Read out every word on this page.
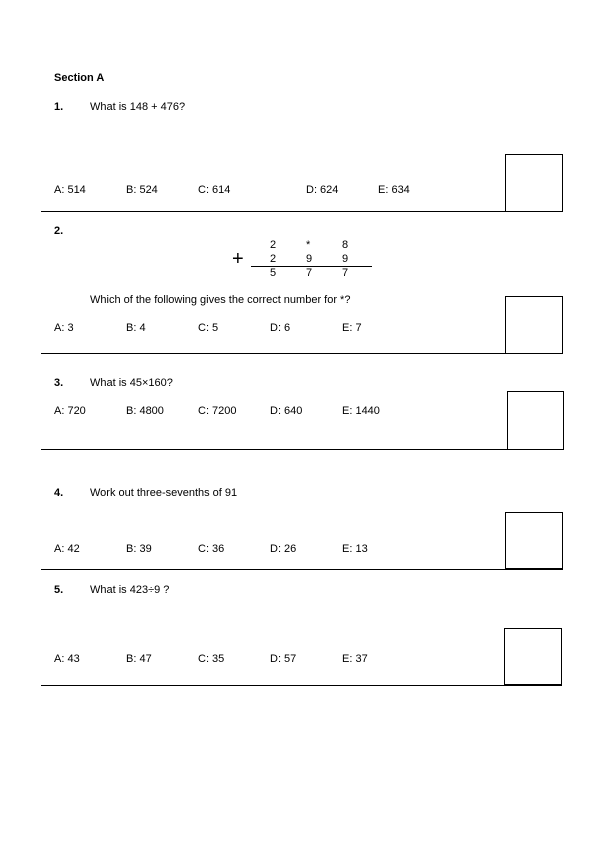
Section A
1. What is 148 + 476?
A: 514	B: 524	C: 614	D: 624	E: 634
2.
+
2	*	8
2	9	9
5	7	7
Which of the following gives the correct number for *?
A: 3	B: 4	C: 5	D: 6	E: 7
3. What is 45×160?
A: 720	B: 4800	C: 7200	D: 640	E: 1440
4. Work out three-sevenths of 91
A: 42	B: 39	C: 36	D: 26	E: 13
5. What is 423÷9 ?
A: 43	B: 47	C: 35	D: 57	E: 37
